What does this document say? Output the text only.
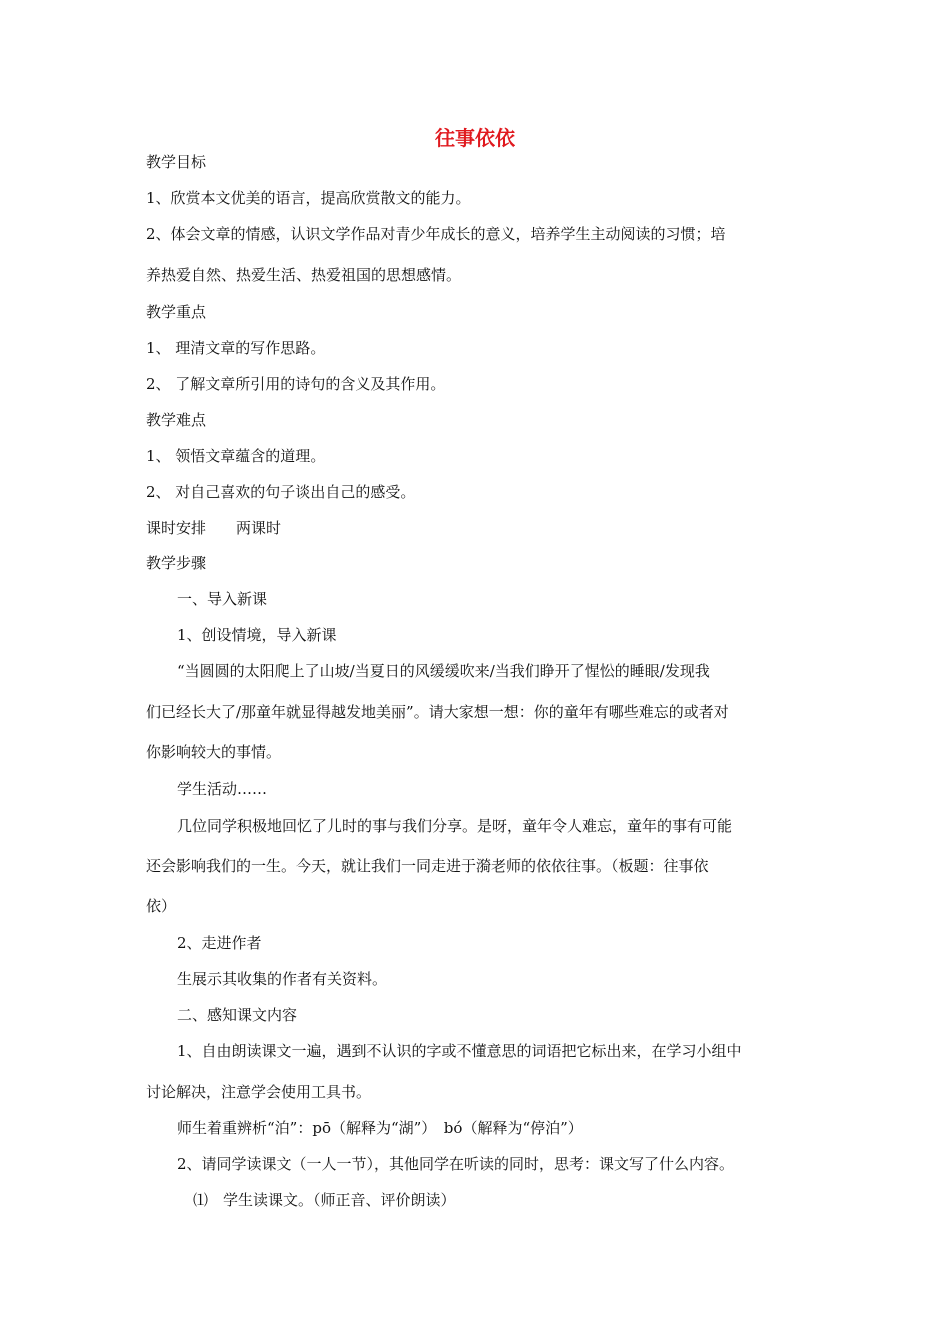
往事依依
教学目标
1、欣赏本文优美的语言，提高欣赏散文的能力。
2、体会文章的情感，认识文学作品对青少年成长的意义，培养学生主动阅读的习惯；培
养热爱自然、热爱生活、热爱祖国的思想感情。
教学重点
1、 理清文章的写作思路。
2、 了解文章所引用的诗句的含义及其作用。
教学难点
1、 领悟文章蕴含的道理。
2、 对自己喜欢的句子谈出自己的感受。
课时安排　　两课时
教学步骤
一、导入新课
1、创设情境，导入新课
“当圆圆的太阳爬上了山坡/当夏日的风缓缓吹来/当我们睁开了惺忪的睡眼/发现我
们已经长大了/那童年就显得越发地美丽”。请大家想一想：你的童年有哪些难忘的或者对
你影响较大的事情。
学生活动……
几位同学积极地回忆了儿时的事与我们分享。是呀，童年令人难忘，童年的事有可能
还会影响我们的一生。今天，就让我们一同走进于漪老师的依依往事。（板题：往事依
依）
2、走进作者
生展示其收集的作者有关资料。
二、感知课文内容
1、自由朗读课文一遍，遇到不认识的字或不懂意思的词语把它标出来，在学习小组中
讨论解决，注意学会使用工具书。
师生着重辨析“泊”：pō（解释为“湖”）　bó（解释为“停泊”）
2、请同学读课文（一人一节），其他同学在听读的同时，思考：课文写了什么内容。
⑴　学生读课文。（师正音、评价朗读）
